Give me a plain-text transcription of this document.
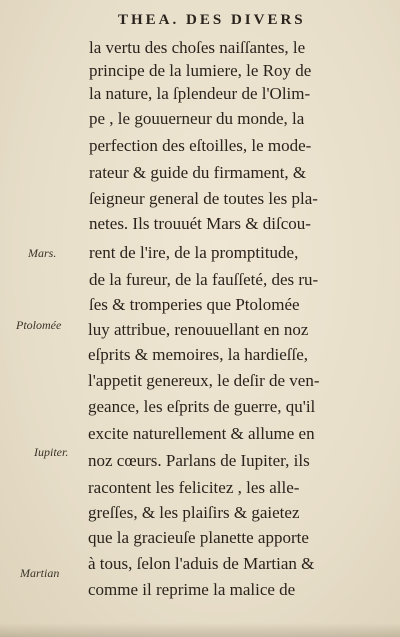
THEA. DES DIVERS
la vertu des choſes naiſſantes, le
principe de la lumiere, le Roy de
la nature, la ſplendeur de l'Olim-
pe , le gouuerneur du monde, la
perfection des eſtoilles, le mode-
rateur & guide du firmament, &
ſeigneur general de toutes les pla-
netes. Ils trouuét Mars & diſcou-
rent de l'ire, de la promptitude,
de la fureur, de la fauſſeté, des ru-
ſes & tromperies que Ptolomée
luy attribue, renouuellant en noz
eſprits & memoires, la hardieſſe,
l'appetit genereux, le deſir de ven-
geance, les eſprits de guerre, qu'il
excite naturellement & allume en
noz cœurs. Parlans de Iupiter, ils
racontent les felicitez , les alle-
greſſes, & les plaiſirs & gaietez
que la gracieuſe planette apporte
à tous, ſelon l'aduis de Martian &
comme il reprime la malice de
Mars.
Ptolomée
Iupiter.
Martian
